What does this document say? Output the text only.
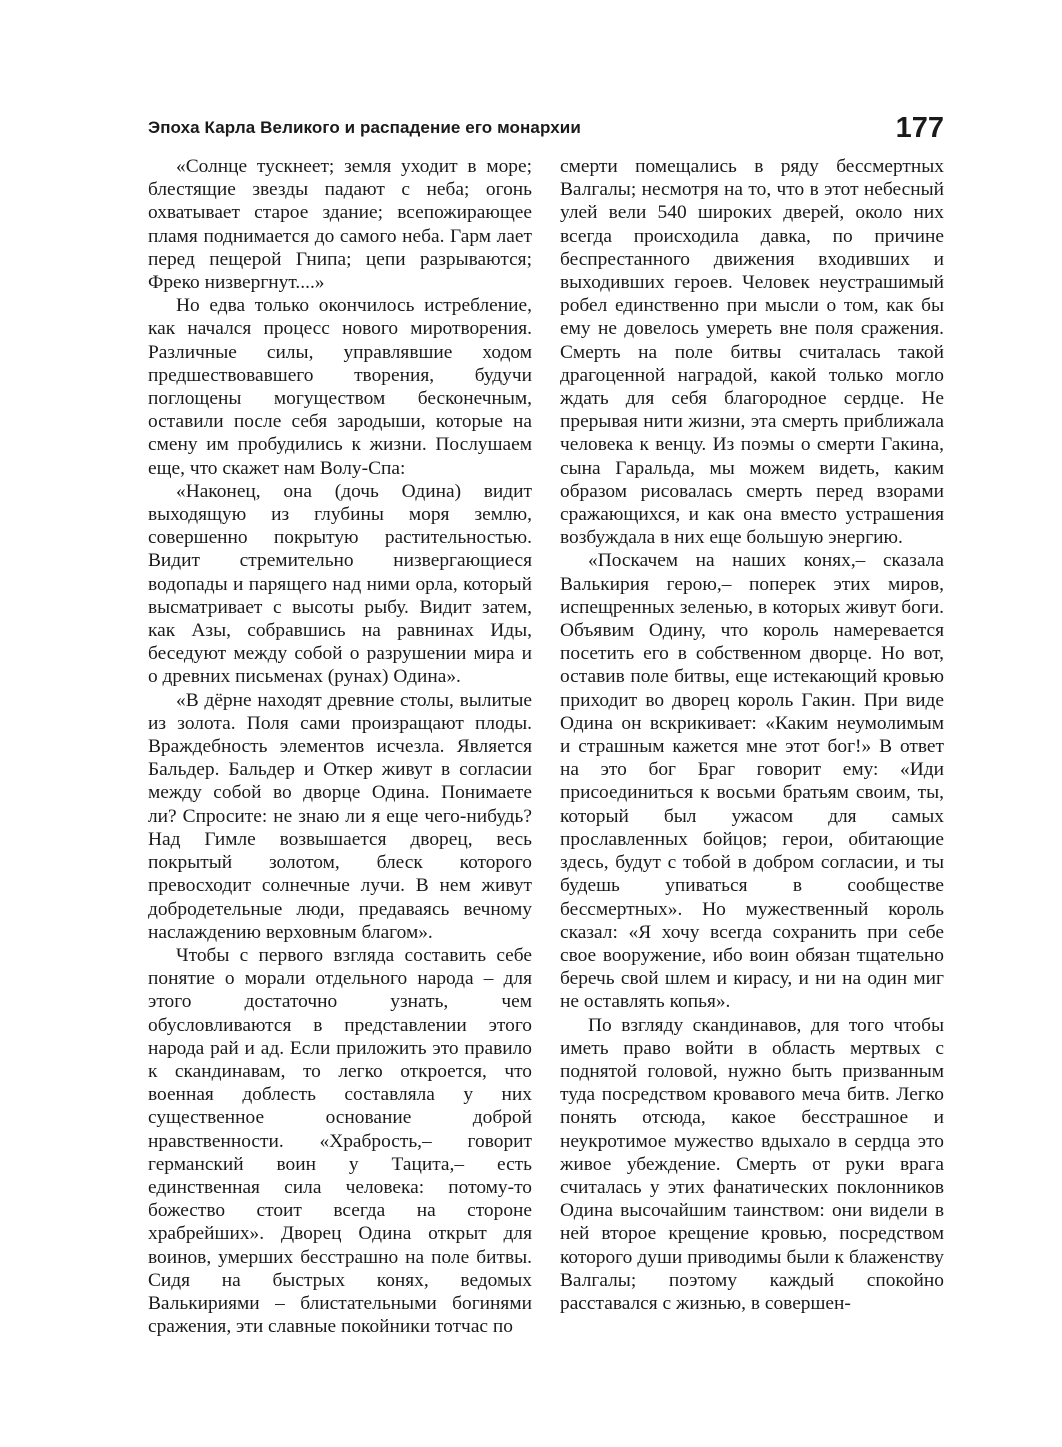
Эпоха Карла Великого и распадение его монархии	177

«Солнце тускнеет; земля уходит в море; блестящие звезды падают с неба; огонь охватывает старое здание; всепожирающее пламя поднимается до самого неба. Гарм лает перед пещерой Гнипа; цепи разрываются; Фреко низвергнут....»

Но едва только окончилось истребление, как начался процесс нового миротворения. Различные силы, управлявшие ходом предшествовавшего творения, будучи поглощены могуществом бесконечным, оставили после себя зародыши, которые на смену им пробудились к жизни. Послушаем еще, что скажет нам Волу-Спа:

«Наконец, она (дочь Одина) видит выходящую из глубины моря землю, совершенно покрытую растительностью. Видит стремительно низвергающиеся водопады и парящего над ними орла, который высматривает с высоты рыбу. Видит затем, как Азы, собравшись на равнинах Иды, беседуют между собой о разрушении мира и о древних письменах (рунах) Одина».

«В дёрне находят древние столы, вылитые из золота. Поля сами произращают плоды. Враждебность элементов исчезла. Является Бальдер. Бальдер и Откер живут в согласии между собой во дворце Одина. Понимаете ли? Спросите: не знаю ли я еще чего-нибудь? Над Гимле возвышается дворец, весь покрытый золотом, блеск которого превосходит солнечные лучи. В нем живут добродетельные люди, предаваясь вечному наслаждению верховным благом».

Чтобы с первого взгляда составить себе понятие о морали отдельного народа – для этого достаточно узнать, чем обусловливаются в представлении этого народа рай и ад. Если приложить это правило к скандинавам, то легко откроется, что военная доблесть составляла у них существенное основание доброй нравственности. «Храбрость,– говорит германский воин у Тацита,– есть единственная сила человека: потому-то божество стоит всегда на стороне храбрейших». Дворец Одина открыт для воинов, умерших бесстрашно на поле битвы. Сидя на быстрых конях, ведомых Валькириями – блистательными богинями сражения, эти славные покойники тотчас по

смерти помещались в ряду бессмертных Валгалы; несмотря на то, что в этот небесный улей вели 540 широких дверей, около них всегда происходила давка, по причине беспрестанного движения входивших и выходивших героев. Человек неустрашимый робел единственно при мысли о том, как бы ему не довелось умереть вне поля сражения. Смерть на поле битвы считалась такой драгоценной наградой, какой только могло ждать для себя благородное сердце. Не прерывая нити жизни, эта смерть приближала человека к венцу. Из поэмы о смерти Гакина, сына Гаральда, мы можем видеть, каким образом рисовалась смерть перед взорами сражающихся, и как она вместо устрашения возбуждала в них еще большую энергию.

«Поскачем на наших конях,– сказала Валькирия герою,– поперек этих миров, испещренных зеленью, в которых живут боги. Объявим Одину, что король намеревается посетить его в собственном дворце. Но вот, оставив поле битвы, еще истекающий кровью приходит во дворец король Гакин. При виде Одина он вскрикивает: «Каким неумолимым и страшным кажется мне этот бог!» В ответ на это бог Браг говорит ему: «Иди присоединиться к восьми братьям своим, ты, который был ужасом для самых прославленных бойцов; герои, обитающие здесь, будут с тобой в добром согласии, и ты будешь упиваться в сообществе бессмертных». Но мужественный король сказал: «Я хочу всегда сохранить при себе свое вооружение, ибо воин обязан тщательно беречь свой шлем и кирасу, и ни на один миг не оставлять копья».

По взгляду скандинавов, для того чтобы иметь право войти в область мертвых с поднятой головой, нужно быть призванным туда посредством кровавого меча битв. Легко понять отсюда, какое бесстрашное и неукротимое мужество вдыхало в сердца это живое убеждение. Смерть от руки врага считалась у этих фанатических поклонников Одина высочайшим таинством: они видели в ней второе крещение кровью, посредством которого души приводимы были к блаженству Валгалы; поэтому каждый спокойно расставался с жизнью, в совершен-
